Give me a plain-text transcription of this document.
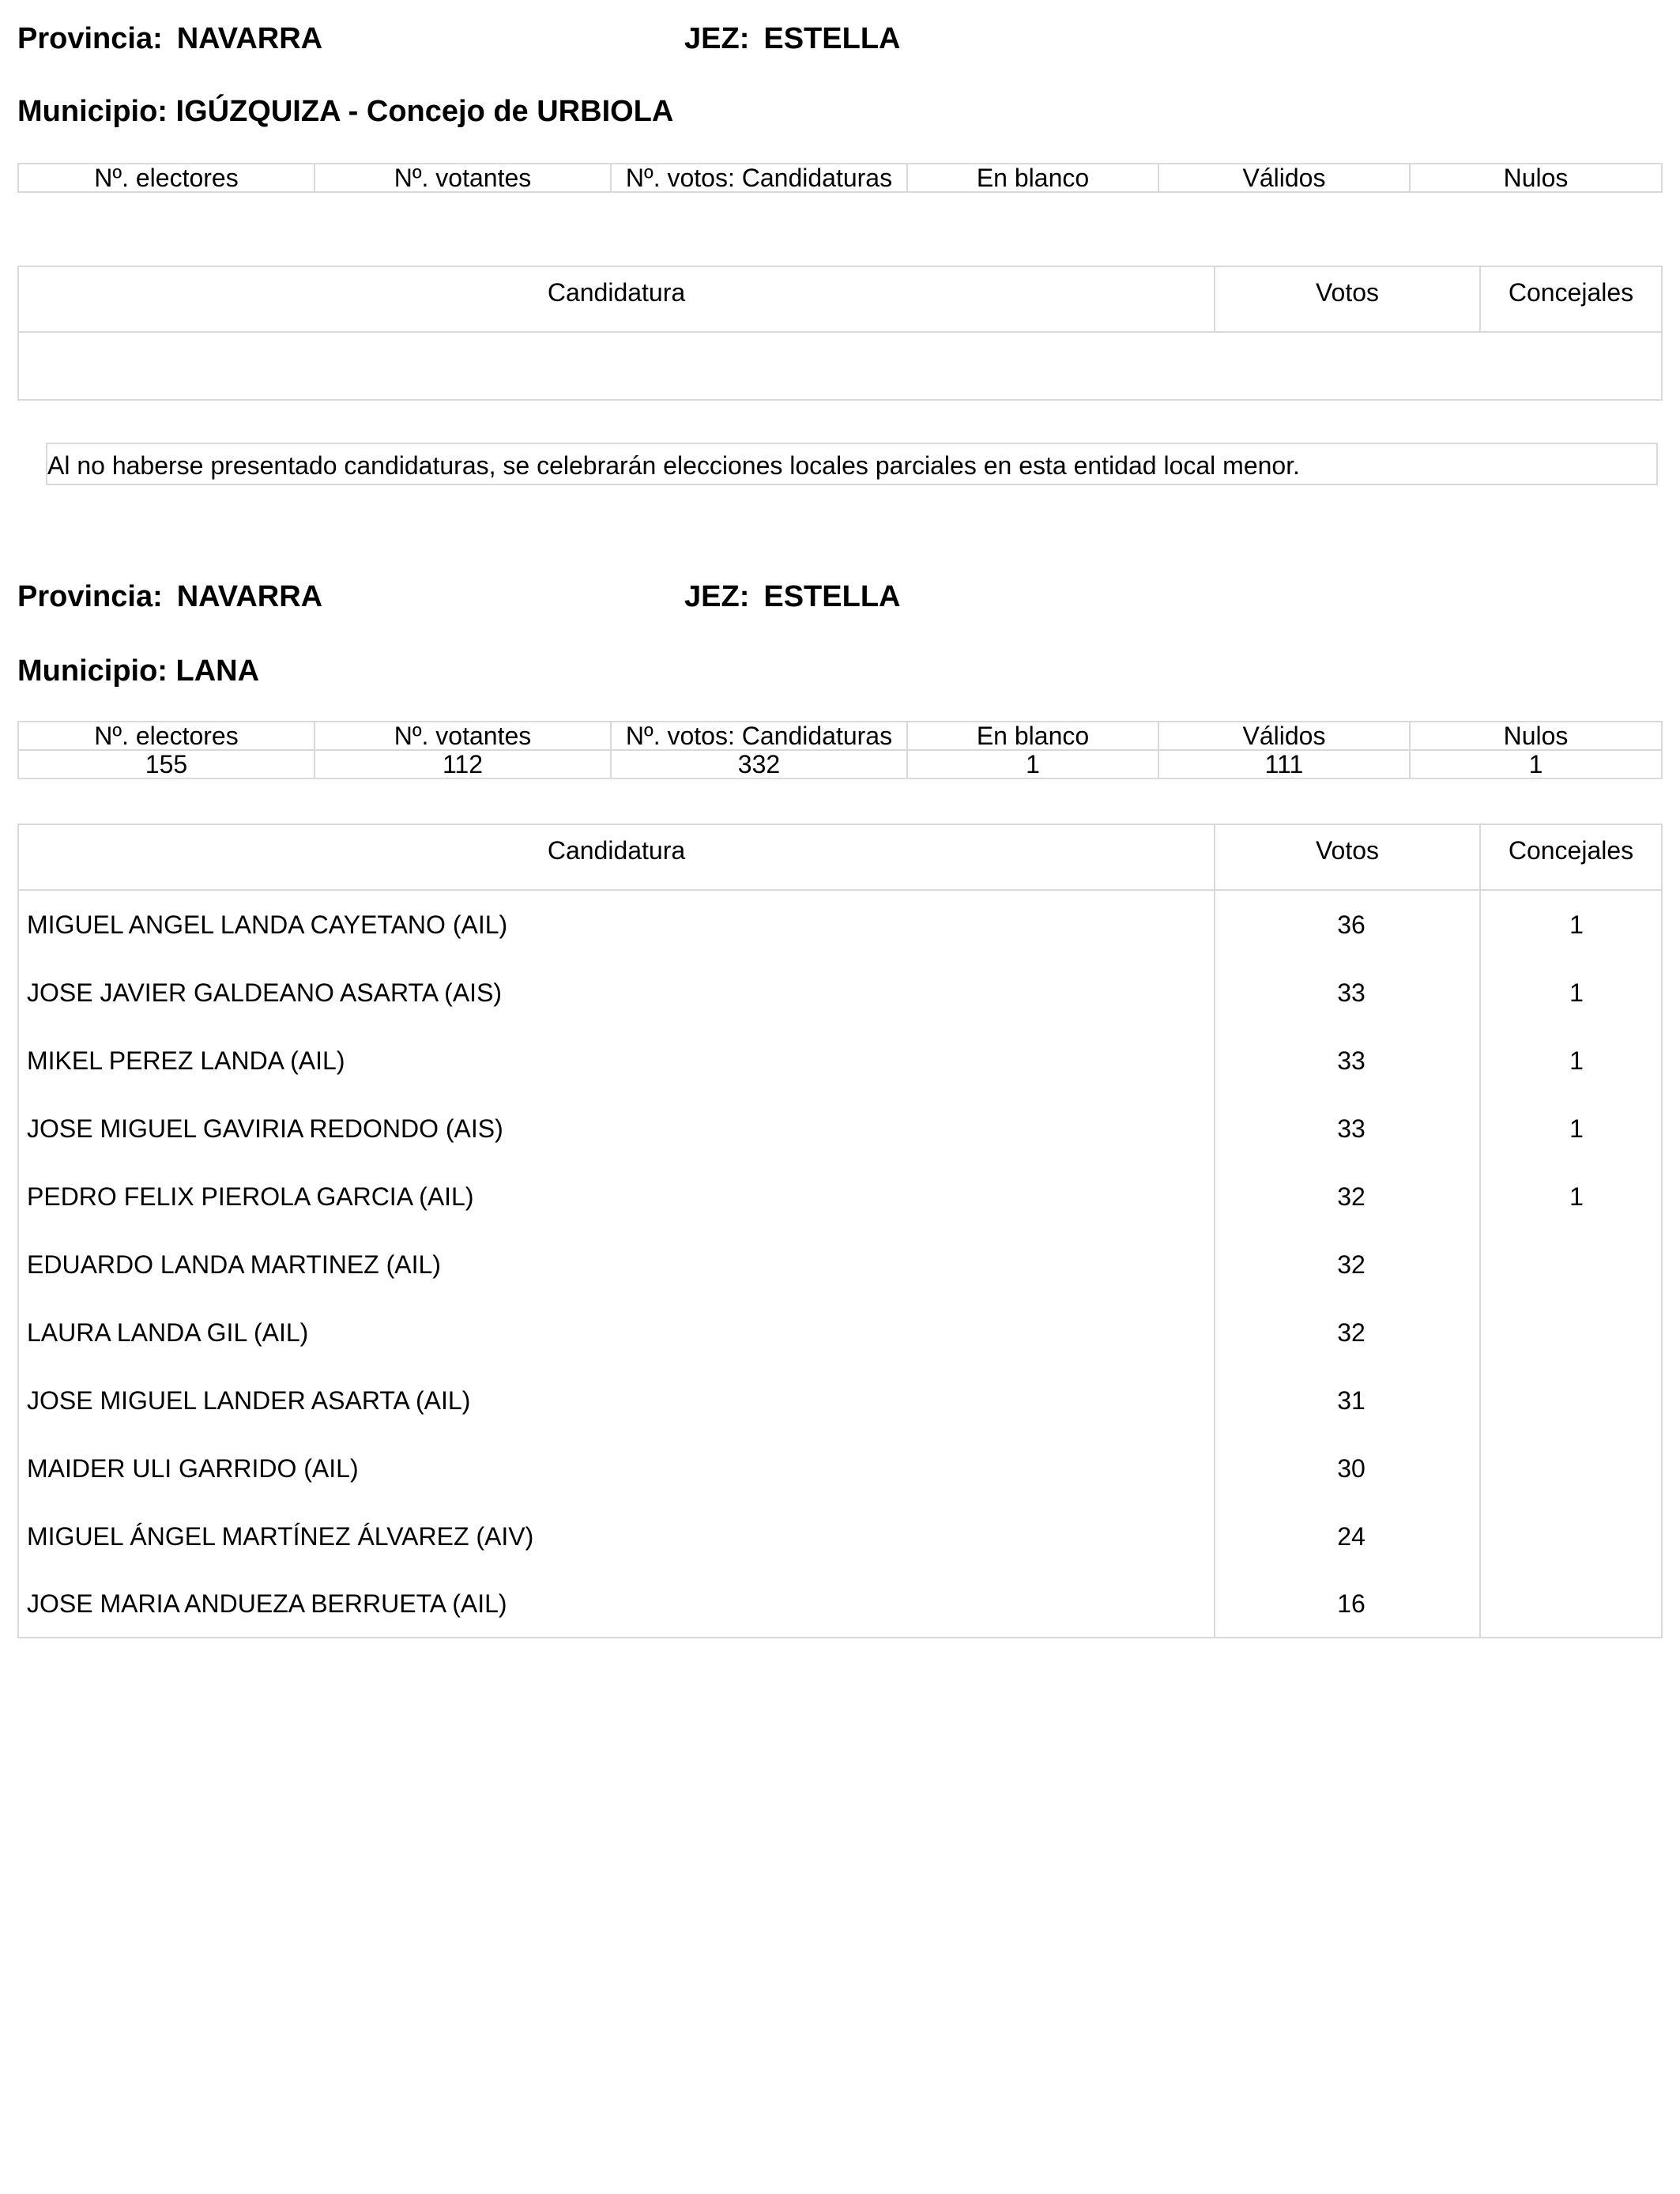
Provincia: NAVARRA	JEZ: ESTELLA
Municipio: IGÚZQUIZA - Concejo de URBIOLA
Nº. electores	Nº. votantes	Nº. votos: Candidaturas	En blanco	Válidos	Nulos
Candidatura	Votos	Concejales

Al no haberse presentado candidaturas, se celebrarán elecciones locales parciales en esta entidad local menor.
Provincia: NAVARRA	JEZ: ESTELLA
Municipio: LANA
Nº. electores	Nº. votantes	Nº. votos: Candidaturas	En blanco	Válidos	Nulos
155	112	332	1	111	1
Candidatura	Votos	Concejales
MIGUEL ANGEL LANDA CAYETANO (AIL)	36	1
JOSE JAVIER GALDEANO ASARTA (AIS)	33	1
MIKEL PEREZ LANDA (AIL)	33	1
JOSE MIGUEL GAVIRIA REDONDO (AIS)	33	1
PEDRO FELIX PIEROLA GARCIA (AIL)	32	1
EDUARDO LANDA MARTINEZ (AIL)	32	
LAURA LANDA GIL (AIL)	32	
JOSE MIGUEL LANDER ASARTA (AIL)	31	
MAIDER ULI GARRIDO (AIL)	30	
MIGUEL ÁNGEL MARTÍNEZ ÁLVAREZ (AIV)	24	
JOSE MARIA ANDUEZA BERRUETA (AIL)	16	
